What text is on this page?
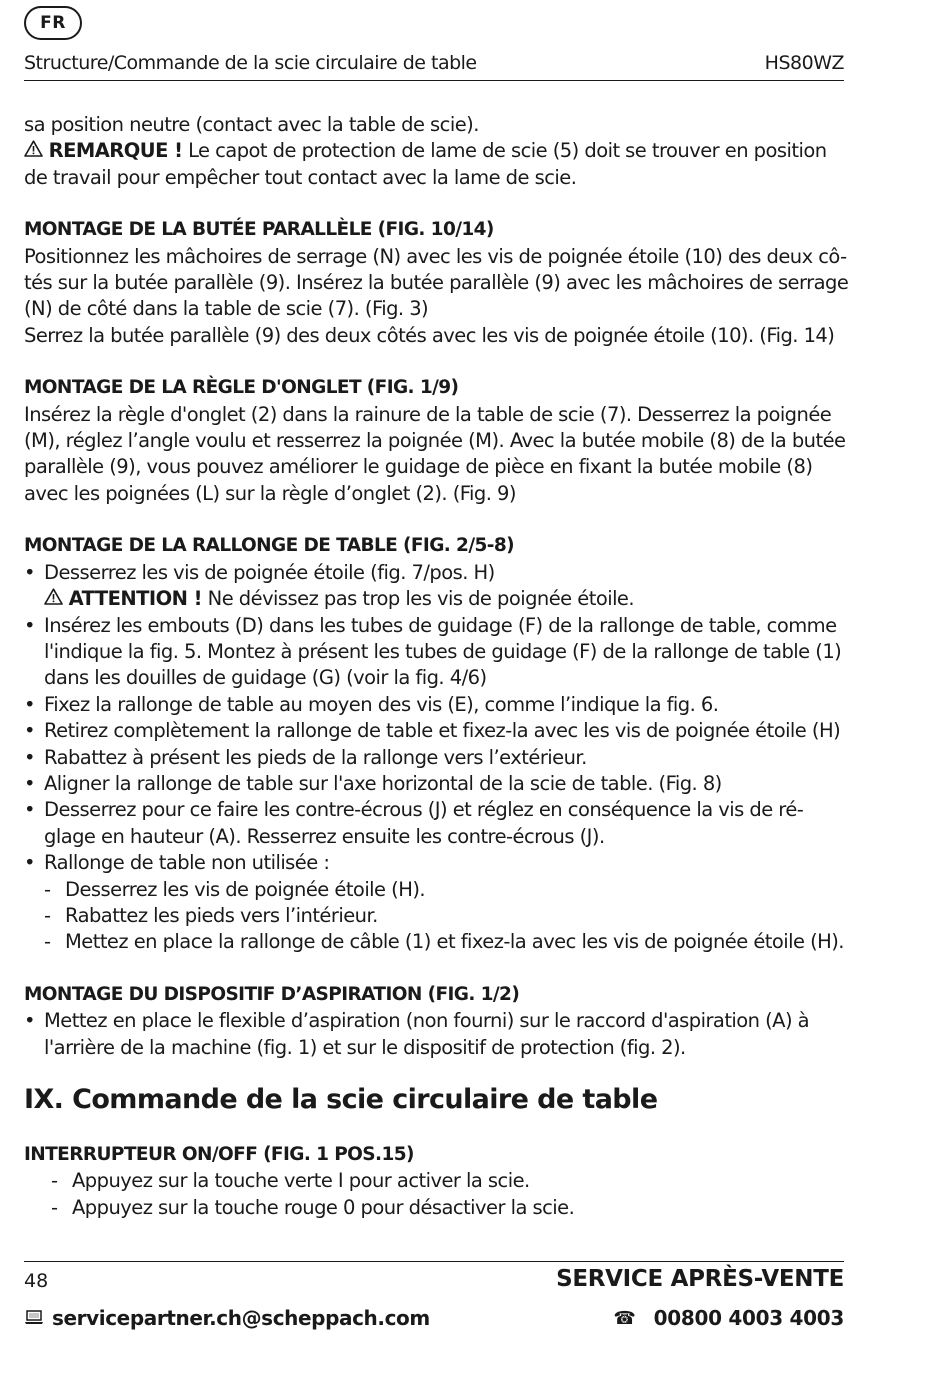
FR
Structure/Commande de la scie circulaire de table	HS80WZ

sa position neutre (contact avec la table de scie).

REMARQUE ! Le capot de protection de lame de scie (5) doit se trouver en position de travail pour empêcher tout contact avec la lame de scie.

MONTAGE DE LA BUTÉE PARALLÈLE (FIG. 10/14)

Positionnez les mâchoires de serrage (N) avec les vis de poignée étoile (10) des deux cô- tés sur la butée parallèle (9). Insérez la butée parallèle (9) avec les mâchoires de serrage (N) de côté dans la table de scie (7). (Fig. 3)

Serrez la butée parallèle (9) des deux côtés avec les vis de poignée étoile (10). (Fig. 14)

MONTAGE DE LA RÈGLE D'ONGLET (FIG. 1/9)

Insérez la règle d'onglet (2) dans la rainure de la table de scie (7). Desserrez la poignée (M), réglez l’angle voulu et resserrez la poignée (M). Avec la butée mobile (8) de la butée parallèle (9), vous pouvez améliorer le guidage de pièce en fixant la butée mobile (8) avec les poignées (L) sur la règle d’onglet (2). (Fig. 9)

MONTAGE DE LA RALLONGE DE TABLE (FIG. 2/5-8)
• Desserrez les vis de poignée étoile (fig. 7/pos. H)
ATTENTION ! Ne dévissez pas trop les vis de poignée étoile.
• Insérez les embouts (D) dans les tubes de guidage (F) de la rallonge de table, comme l'indique la fig. 5. Montez à présent les tubes de guidage (F) de la rallonge de table (1) dans les douilles de guidage (G) (voir la fig. 4/6)
• Fixez la rallonge de table au moyen des vis (E), comme l’indique la fig. 6.
• Retirez complètement la rallonge de table et fixez-la avec les vis de poignée étoile (H)
• Rabattez à présent les pieds de la rallonge vers l’extérieur.
• Aligner la rallonge de table sur l'axe horizontal de la scie de table. (Fig. 8)
• Desserrez pour ce faire les contre-écrous (J) et réglez en conséquence la vis de ré- glage en hauteur (A). Resserrez ensuite les contre-écrous (J).
• Rallonge de table non utilisée :
- Desserrez les vis de poignée étoile (H).
- Rabattez les pieds vers l’intérieur.
- Mettez en place la rallonge de câble (1) et fixez-la avec les vis de poignée étoile (H).
MONTAGE DU DISPOSITIF D’ASPIRATION (FIG. 1/2)
• Mettez en place le flexible d’aspiration (non fourni) sur le raccord d'aspiration (A) à l'arrière de la machine (fig. 1) et sur le dispositif de protection (fig. 2).
IX. Commande de la scie circulaire de table
INTERRUPTEUR ON/OFF (FIG. 1 POS.15)
- Appuyez sur la touche verte I pour activer la scie.
- Appuyez sur la touche rouge 0 pour désactiver la scie.
48	SERVICE APRÈS-VENTE
servicepartner.ch@scheppach.com	☎ 00800 4003 4003
